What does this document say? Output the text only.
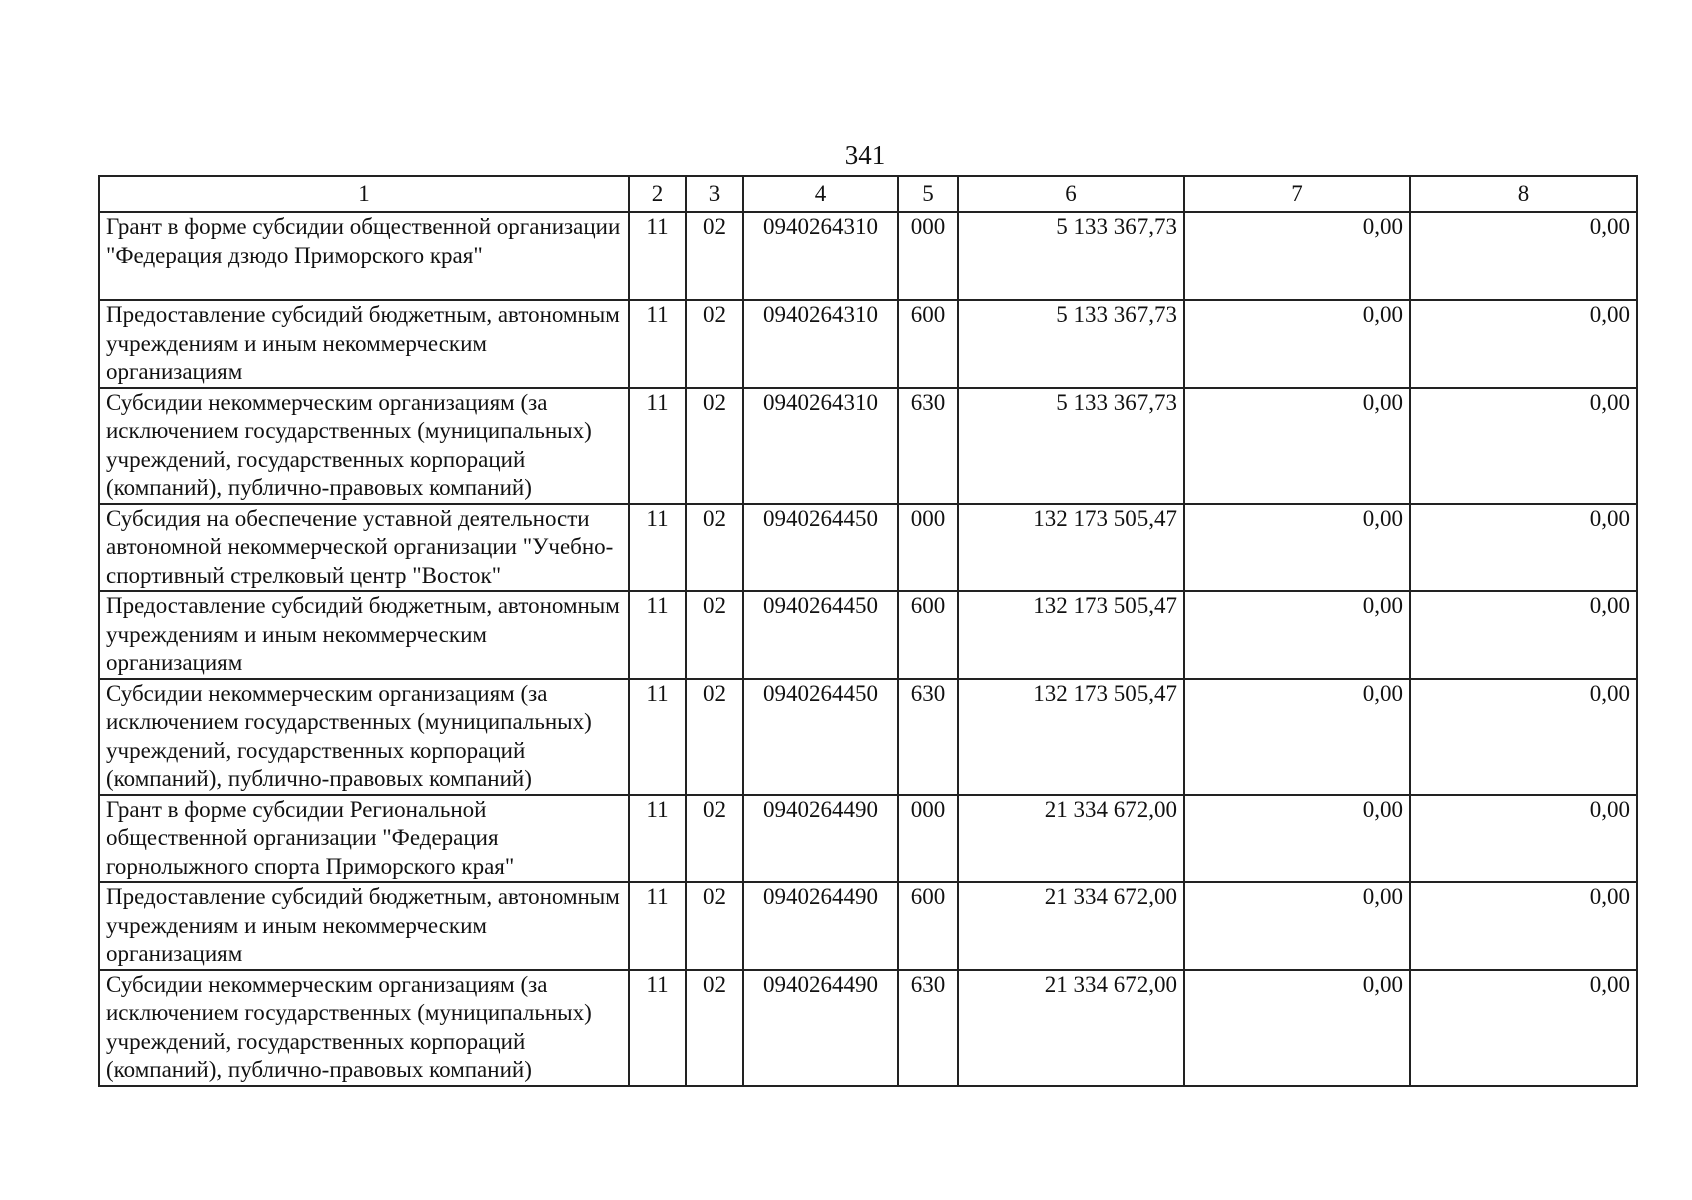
341
1	2	3	4	5	6	7	8
Грант в форме субсидии общественной организации "Федерация дзюдо Приморского края"	11	02	0940264310	000	5 133 367,73	0,00	0,00
Предоставление субсидий бюджетным, автономным учреждениям и иным некоммерческим организациям	11	02	0940264310	600	5 133 367,73	0,00	0,00
Субсидии некоммерческим организациям (за исключением государственных (муниципальных) учреждений, государственных корпораций (компаний), публично-правовых компаний)	11	02	0940264310	630	5 133 367,73	0,00	0,00
Субсидия на обеспечение уставной деятельности автономной некоммерческой организации "Учебно-спортивный стрелковый центр "Восток"	11	02	0940264450	000	132 173 505,47	0,00	0,00
Предоставление субсидий бюджетным, автономным учреждениям и иным некоммерческим организациям	11	02	0940264450	600	132 173 505,47	0,00	0,00
Субсидии некоммерческим организациям (за исключением государственных (муниципальных) учреждений, государственных корпораций (компаний), публично-правовых компаний)	11	02	0940264450	630	132 173 505,47	0,00	0,00
Грант в форме субсидии Региональной общественной организации "Федерация горнолыжного спорта Приморского края"	11	02	0940264490	000	21 334 672,00	0,00	0,00
Предоставление субсидий бюджетным, автономным учреждениям и иным некоммерческим организациям	11	02	0940264490	600	21 334 672,00	0,00	0,00
Субсидии некоммерческим организациям (за исключением государственных (муниципальных) учреждений, государственных корпораций (компаний), публично-правовых компаний)	11	02	0940264490	630	21 334 672,00	0,00	0,00
